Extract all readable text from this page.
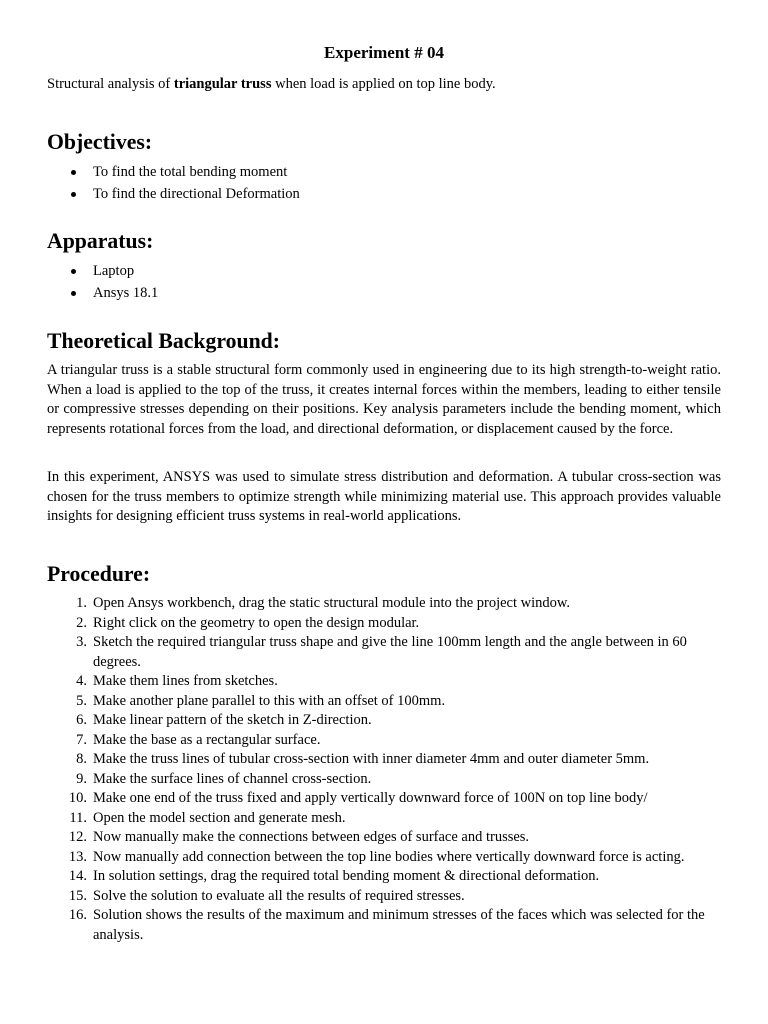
Experiment # 04

Structural analysis of triangular truss when load is applied on top line body.

Objectives:
To find the total bending moment
To find the directional Deformation
Apparatus:
Laptop
Ansys 18.1
Theoretical Background:

A triangular truss is a stable structural form commonly used in engineering due to its high strength-to-weight ratio. When a load is applied to the top of the truss, it creates internal forces within the members, leading to either tensile or compressive stresses depending on their positions. Key analysis parameters include the bending moment, which represents rotational forces from the load, and directional deformation, or displacement caused by the force.

In this experiment, ANSYS was used to simulate stress distribution and deformation. A tubular cross-section was chosen for the truss members to optimize strength while minimizing material use. This approach provides valuable insights for designing efficient truss systems in real-world applications.

Procedure:
1. Open Ansys workbench, drag the static structural module into the project window.
2. Right click on the geometry to open the design modular.
3. Sketch the required triangular truss shape and give the line 100mm length and the angle between in 60 degrees.
4. Make them lines from sketches.
5. Make another plane parallel to this with an offset of 100mm.
6. Make linear pattern of the sketch in Z-direction.
7. Make the base as a rectangular surface.
8. Make the truss lines of tubular cross-section with inner diameter 4mm and outer diameter 5mm.
9. Make the surface lines of channel cross-section.
10. Make one end of the truss fixed and apply vertically downward force of 100N on top line body/
11. Open the model section and generate mesh.
12. Now manually make the connections between edges of surface and trusses.
13. Now manually add connection between the top line bodies where vertically downward force is acting.
14. In solution settings, drag the required total bending moment & directional deformation.
15. Solve the solution to evaluate all the results of required stresses.
16. Solution shows the results of the maximum and minimum stresses of the faces which was selected for the analysis.
